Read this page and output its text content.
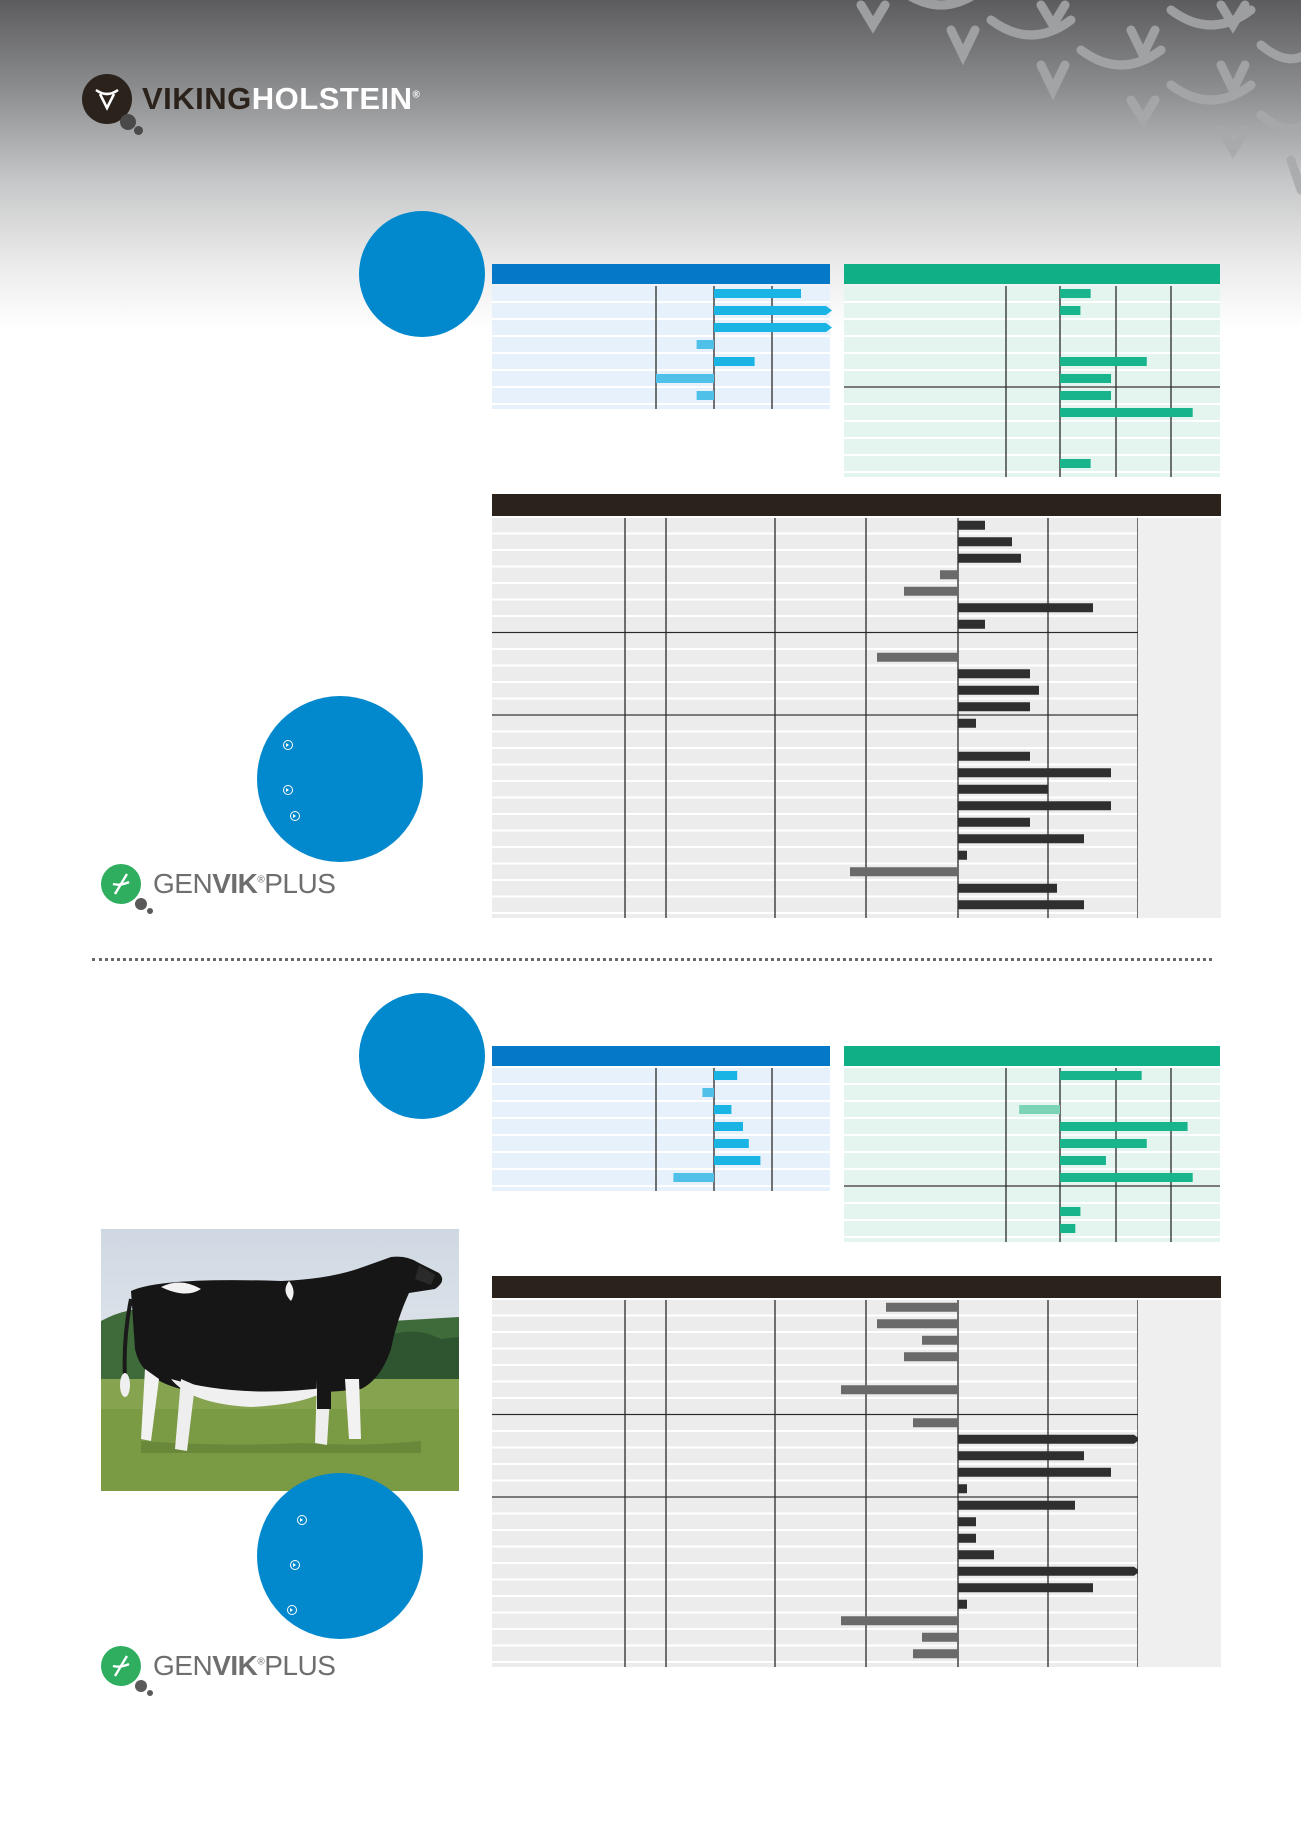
VIKINGHOLSTEIN®
GENVIK®PLUS
GENVIK®PLUS
